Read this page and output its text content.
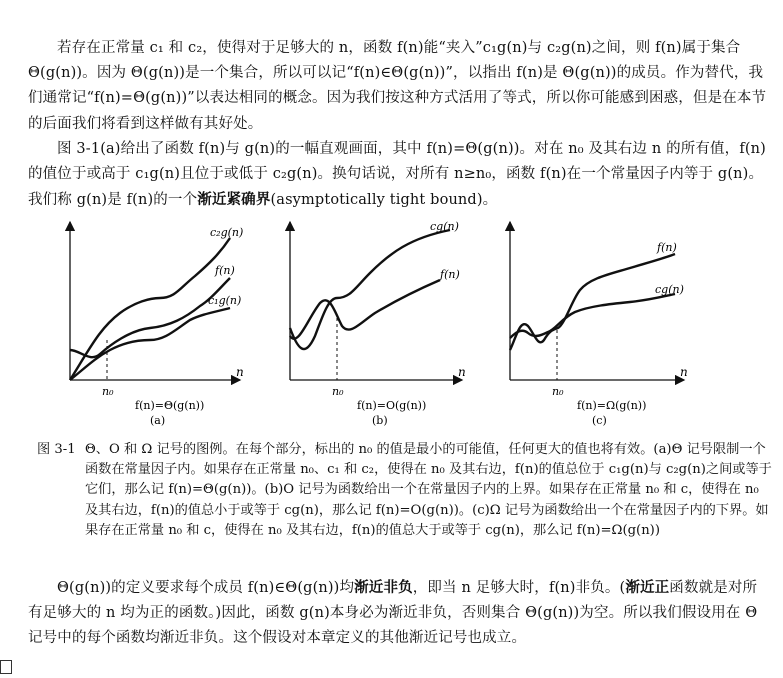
若存在正常量 c₁ 和 c₂，使得对于足够大的 n，函数 f(n)能“夹入”c₁g(n)与 c₂g(n)之间，则 f(n)属于集合 Θ(g(n))。因为 Θ(g(n))是一个集合，所以可以记“f(n)∈Θ(g(n))”，以指出 f(n)是 Θ(g(n))的成员。作为替代，我们通常记“f(n)=Θ(g(n))”以表达相同的概念。因为我们按这种方式活用了等式，所以你可能感到困惑，但是在本节的后面我们将看到这样做有其好处。

图 3-1(a)给出了函数 f(n)与 g(n)的一幅直观画面，其中 f(n)=Θ(g(n))。对在 n₀ 及其右边 n 的所有值，f(n)的值位于或高于 c₁g(n)且位于或低于 c₂g(n)。换句话说，对所有 n≥n₀，函数 f(n)在一个常量因子内等于 g(n)。我们称 g(n)是 f(n)的一个渐近紧确界(asymptotically tight bound)。

c₂g(n)
f(n)
c₁g(n)
n
n₀
f(n)=Θ(g(n))
(a)
cg(n)
f(n)
n
n₀
f(n)=O(g(n))
(b)
f(n)
cg(n)
n
n₀
f(n)=Ω(g(n))
(c)
图 3-1 Θ、O 和 Ω 记号的图例。在每个部分，标出的 n₀ 的值是最小的可能值，任何更大的值也将有效。(a)Θ 记号限制一个函数在常量因子内。如果存在正常量 n₀、c₁ 和 c₂，使得在 n₀ 及其右边，f(n)的值总位于 c₁g(n)与 c₂g(n)之间或等于它们，那么记 f(n)=Θ(g(n))。(b)O 记号为函数给出一个在常量因子内的上界。如果存在正常量 n₀ 和 c，使得在 n₀ 及其右边，f(n)的值总小于或等于 cg(n)，那么记 f(n)=O(g(n))。(c)Ω 记号为函数给出一个在常量因子内的下界。如果存在正常量 n₀ 和 c，使得在 n₀ 及其右边，f(n)的值总大于或等于 cg(n)，那么记 f(n)=Ω(g(n))

Θ(g(n))的定义要求每个成员 f(n)∈Θ(g(n))均渐近非负，即当 n 足够大时，f(n)非负。(渐近正函数就是对所有足够大的 n 均为正的函数。)因此，函数 g(n)本身必为渐近非负，否则集合 Θ(g(n))为空。所以我们假设用在 Θ 记号中的每个函数均渐近非负。这个假设对本章定义的其他渐近记号也成立。
